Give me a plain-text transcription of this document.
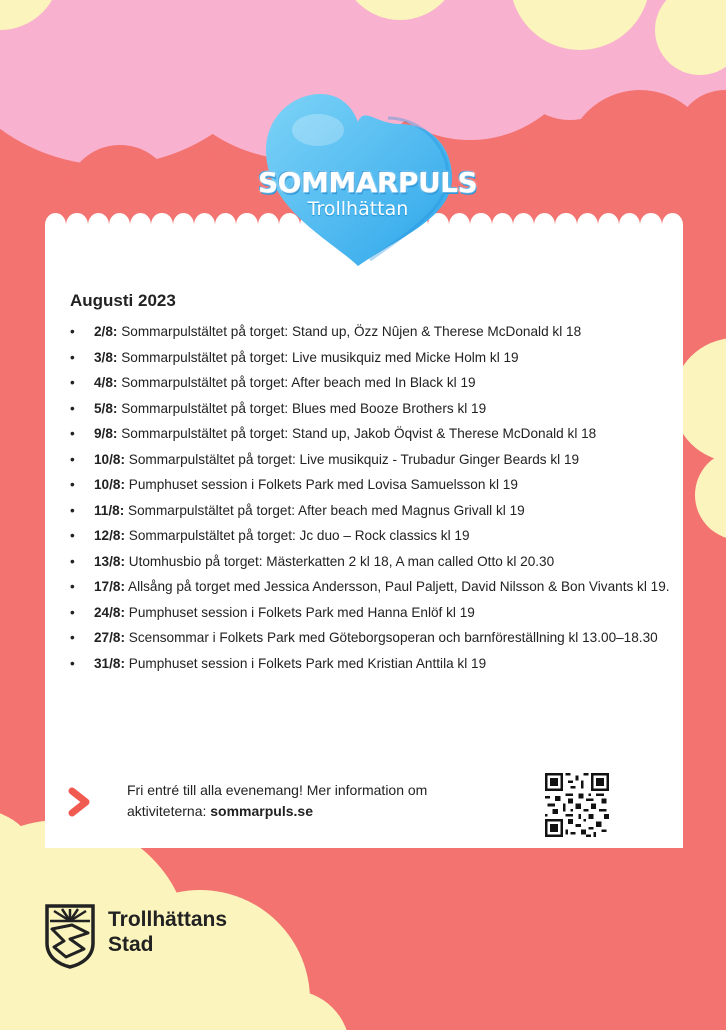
Augusti 2023
• 2/8: Sommarpulstältet på torget: Stand up, Özz Nûjen & Therese McDonald kl 18
• 3/8: Sommarpulstältet på torget: Live musikquiz med Micke Holm kl 19
• 4/8: Sommarpulstältet på torget: After beach med In Black kl 19
• 5/8: Sommarpulstältet på torget: Blues med Booze Brothers kl 19
• 9/8: Sommarpulstältet på torget: Stand up, Jakob Öqvist & Therese McDonald kl 18
• 10/8: Sommarpulstältet på torget: Live musikquiz - Trubadur Ginger Beards kl 19
• 10/8: Pumphuset session i Folkets Park med Lovisa Samuelsson kl 19
• 11/8: Sommarpulstältet på torget: After beach med Magnus Grivall kl 19
• 12/8: Sommarpulstältet på torget: Jc duo – Rock classics kl 19
• 13/8: Utomhusbio på torget: Mästerkatten 2 kl 18, A man called Otto kl 20.30
• 17/8: Allsång på torget med Jessica Andersson, Paul Paljett, David Nilsson & Bon Vivants kl 19.
• 24/8: Pumphuset session i Folkets Park med Hanna Enlöf kl 19
• 27/8: Scensommar i Folkets Park med Göteborgsoperan och barnföreställning kl 13.00–18.30
• 31/8: Pumphuset session i Folkets Park med Kristian Anttila kl 19
Fri entré till alla evenemang! Mer information om aktiviteterna: sommarpuls.se
SOMMARPULS
Trollhättan
Trollhättans
Stad
